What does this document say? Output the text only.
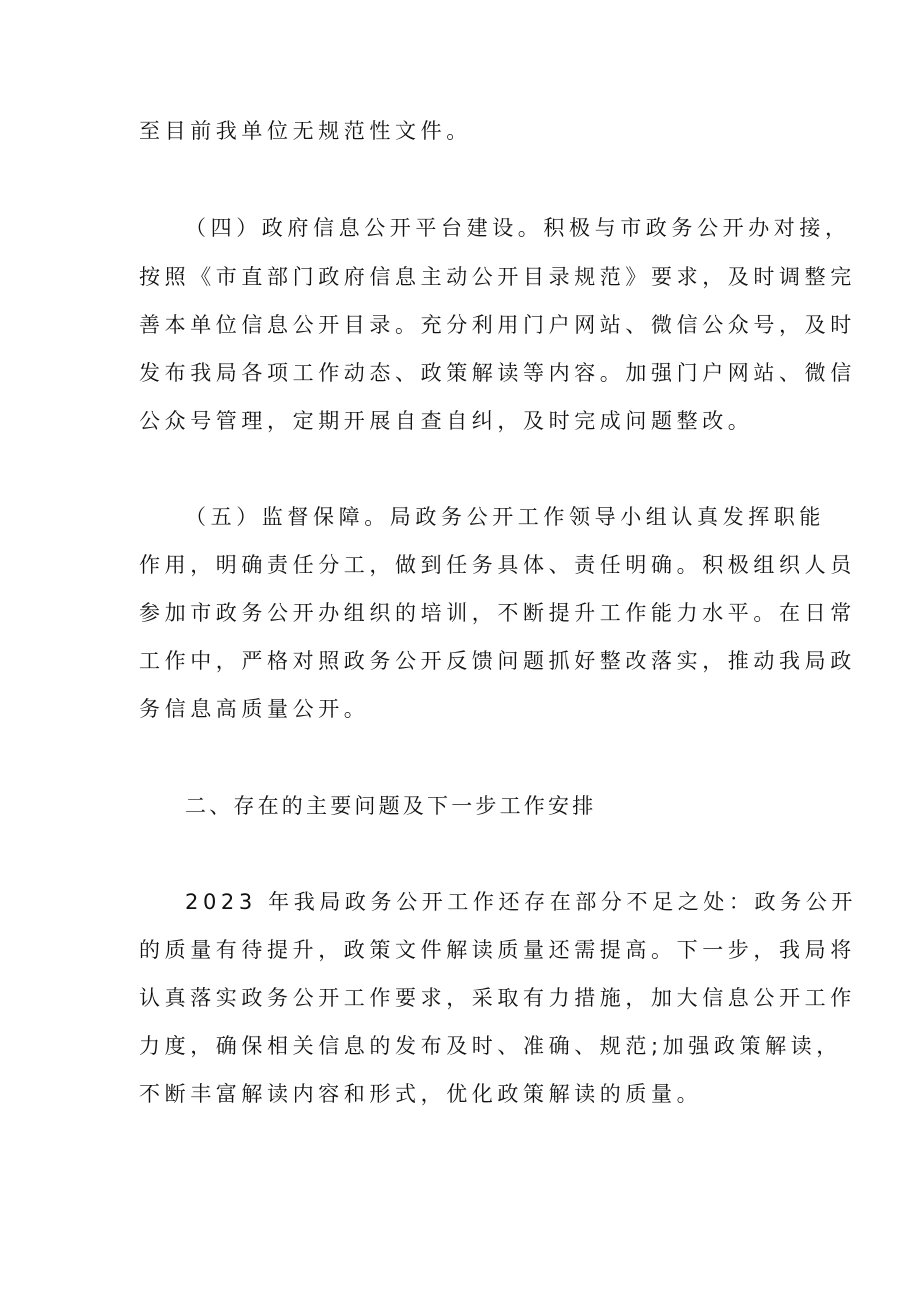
至目前我单位无规范性文件。
（四）政府信息公开平台建设。积极与市政务公开办对接，
按照《市直部门政府信息主动公开目录规范》要求，及时调整完
善本单位信息公开目录。充分利用门户网站、微信公众号，及时
发布我局各项工作动态、政策解读等内容。加强门户网站、微信
公众号管理，定期开展自查自纠，及时完成问题整改。
（五）监督保障。局政务公开工作领导小组认真发挥职能
作用，明确责任分工，做到任务具体、责任明确。积极组织人员
参加市政务公开办组织的培训，不断提升工作能力水平。在日常
工作中，严格对照政务公开反馈问题抓好整改落实，推动我局政
务信息高质量公开。
二、存在的主要问题及下一步工作安排
2023 年我局政务公开工作还存在部分不足之处：政务公开
的质量有待提升，政策文件解读质量还需提高。下一步，我局将
认真落实政务公开工作要求，采取有力措施，加大信息公开工作
力度，确保相关信息的发布及时、准确、规范;加强政策解读，
不断丰富解读内容和形式，优化政策解读的质量。
